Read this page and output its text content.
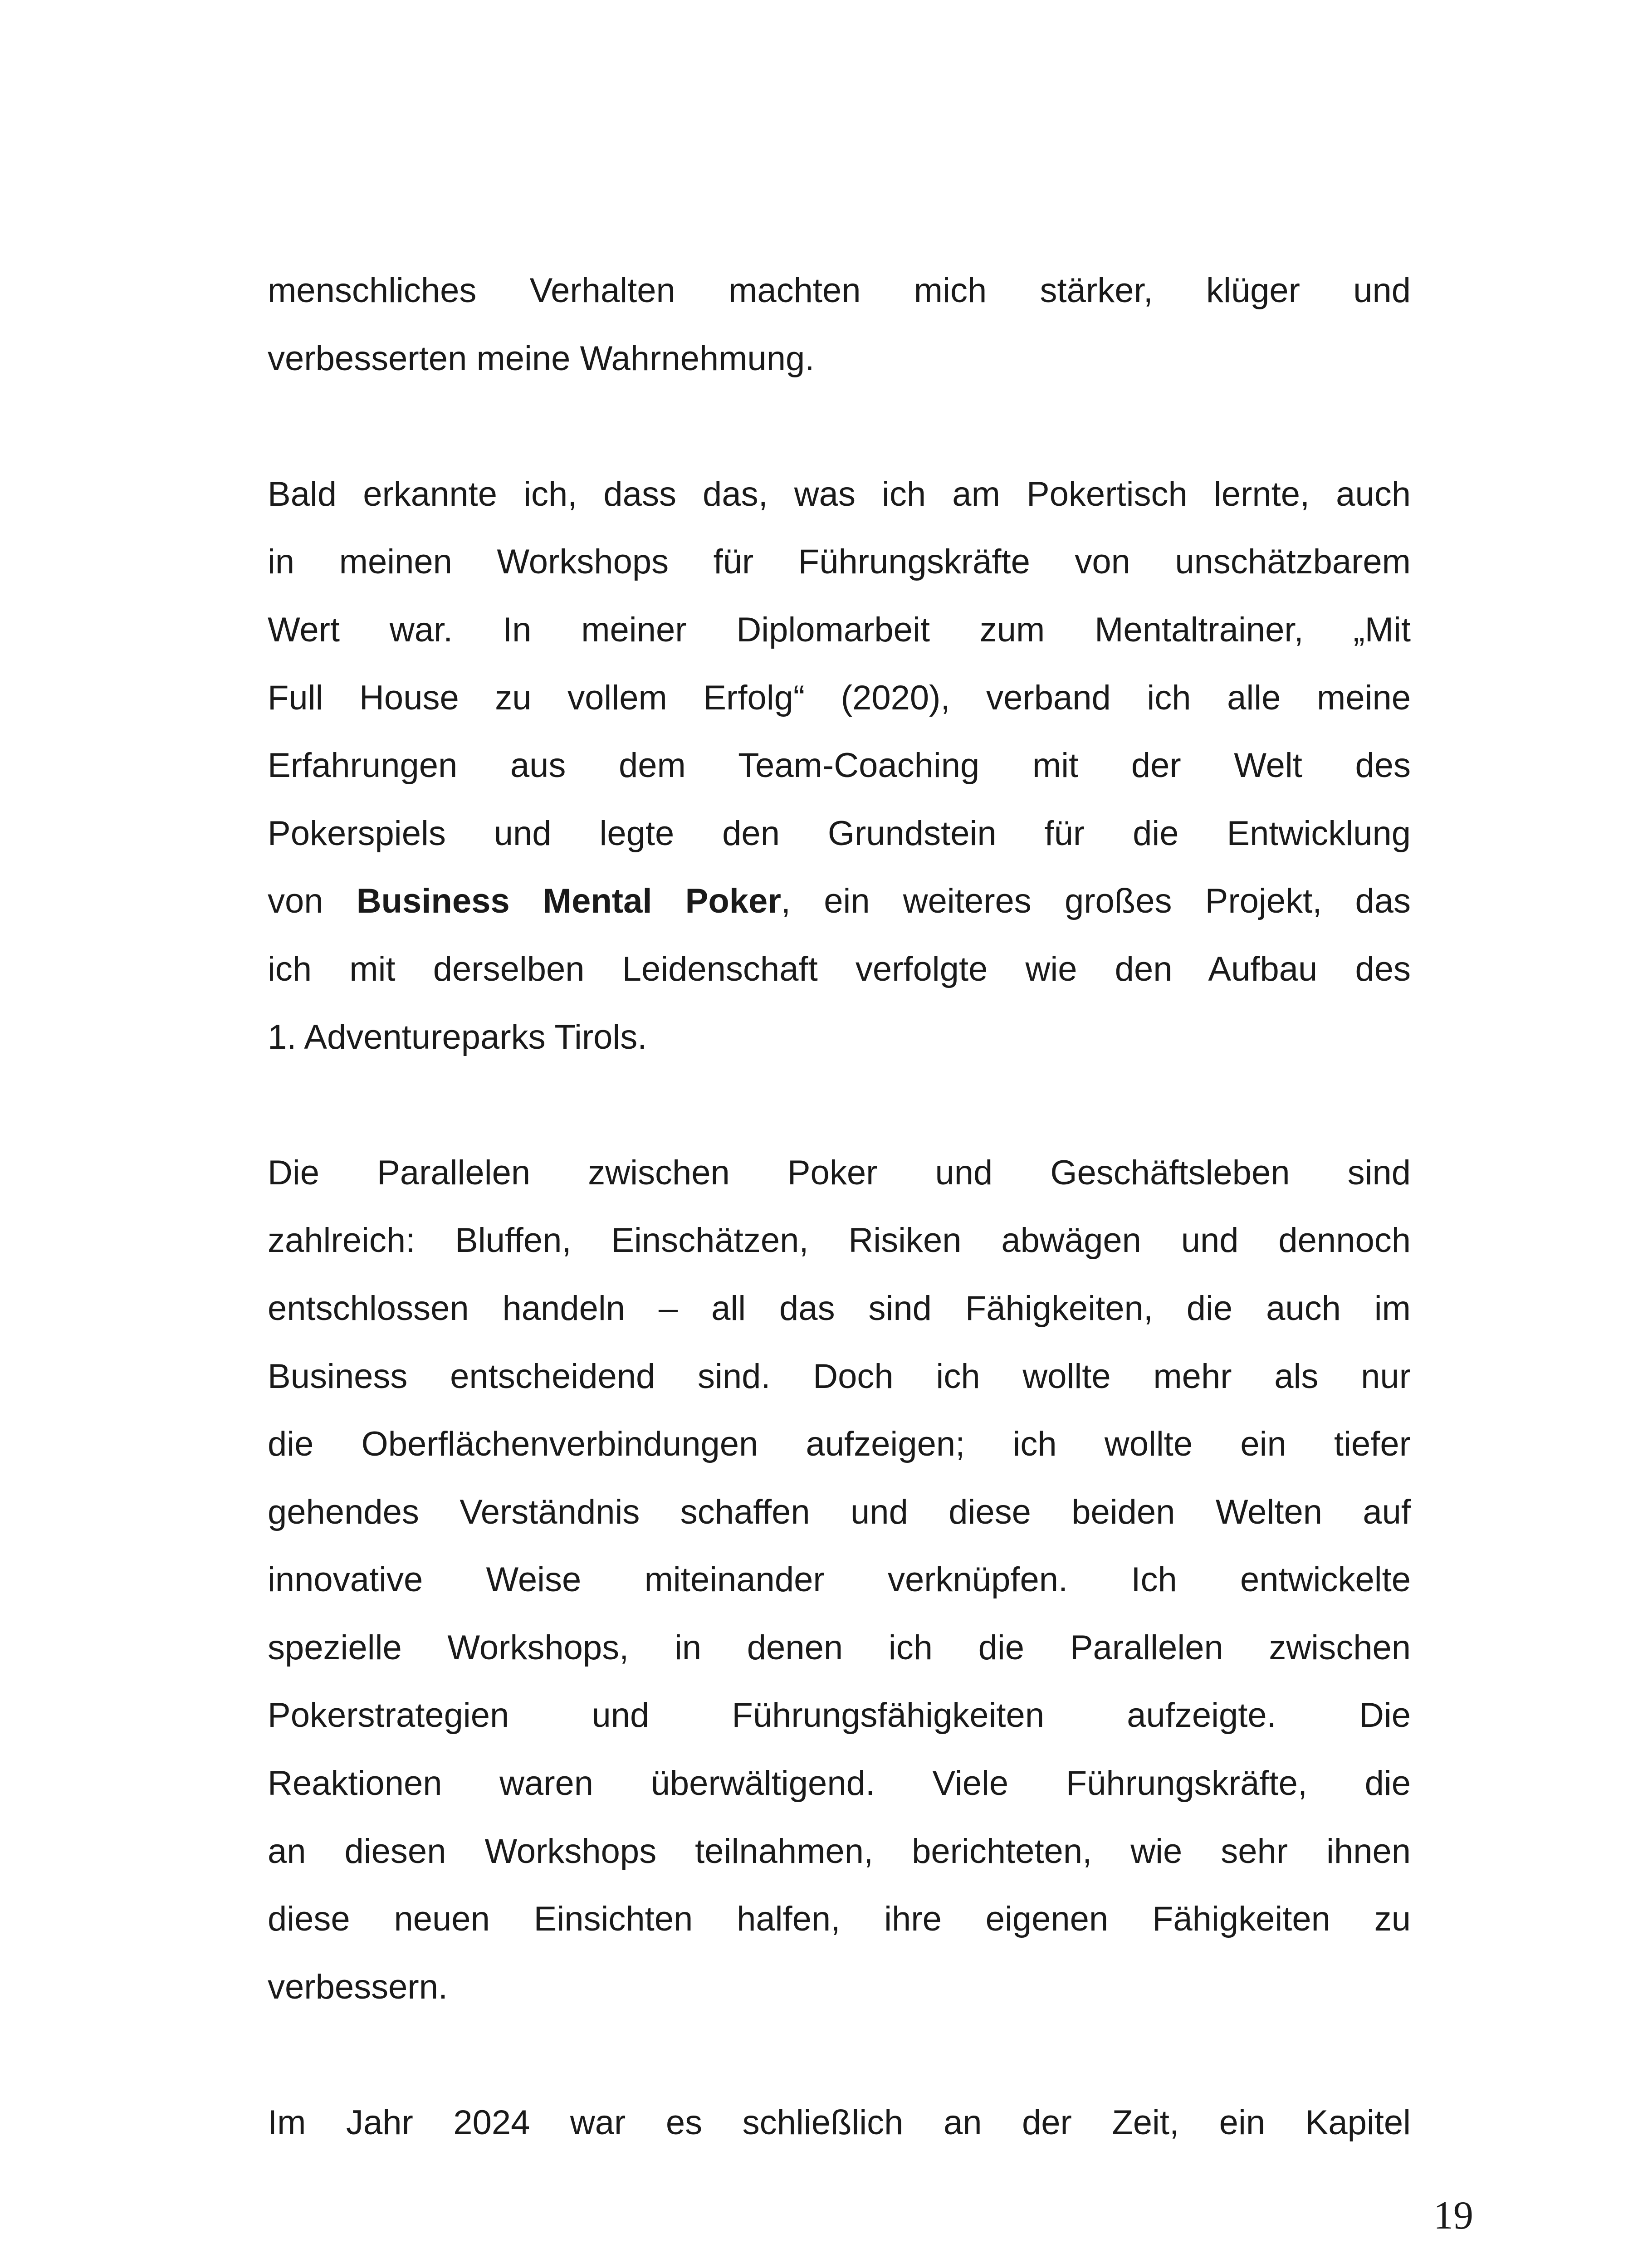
menschliches Verhalten machten mich stärker, klüger und
verbesserten meine Wahrnehmung.
Bald erkannte ich, dass das, was ich am Pokertisch lernte, auch
in meinen Workshops für Führungskräfte von unschätzbarem
Wert war. In meiner Diplomarbeit zum Mentaltrainer, „Mit
Full House zu vollem Erfolg“ (2020), verband ich alle meine
Erfahrungen aus dem Team-Coaching mit der Welt des
Pokerspiels und legte den Grundstein für die Entwicklung
von Business Mental Poker, ein weiteres großes Projekt, das
ich mit derselben Leidenschaft verfolgte wie den Aufbau des
1. Adventureparks Tirols.
Die Parallelen zwischen Poker und Geschäftsleben sind
zahlreich: Bluffen, Einschätzen, Risiken abwägen und dennoch
entschlossen handeln – all das sind Fähigkeiten, die auch im
Business entscheidend sind. Doch ich wollte mehr als nur
die Oberflächenverbindungen aufzeigen; ich wollte ein tiefer
gehendes Verständnis schaffen und diese beiden Welten auf
innovative Weise miteinander verknüpfen. Ich entwickelte
spezielle Workshops, in denen ich die Parallelen zwischen
Pokerstrategien und Führungsfähigkeiten aufzeigte. Die
Reaktionen waren überwältigend. Viele Führungskräfte, die
an diesen Workshops teilnahmen, berichteten, wie sehr ihnen
diese neuen Einsichten halfen, ihre eigenen Fähigkeiten zu
verbessern.
Im Jahr 2024 war es schließlich an der Zeit, ein Kapitel
19
